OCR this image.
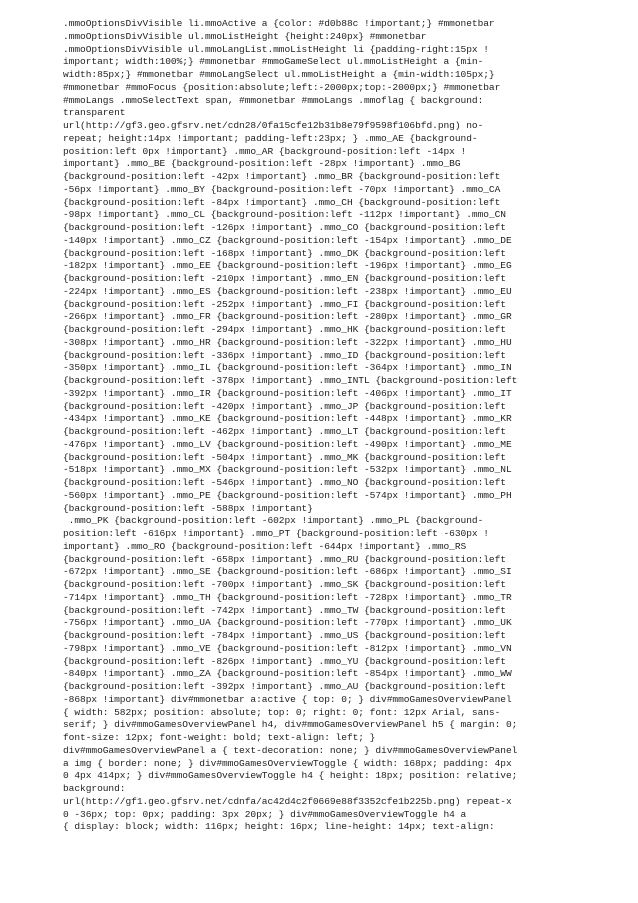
.mmoOptionsDivVisible li.mmoActive a {color: #d0b88c !important;} #mmonetbar
.mmoOptionsDivVisible ul.mmoListHeight {height:240px} #mmonetbar
.mmoOptionsDivVisible ul.mmoLangList.mmoListHeight li {padding-right:15px !
important; width:100%;} #mmonetbar #mmoGameSelect ul.mmoListHeight a {min-
width:85px;} #mmonetbar #mmoLangSelect ul.mmoListHeight a {min-width:105px;}
#mmonetbar #mmoFocus {position:absolute;left:-2000px;top:-2000px;} #mmonetbar
#mmoLangs .mmoSelectText span, #mmonetbar #mmoLangs .mmoflag { background:
transparent
url(http://gf3.geo.gfsrv.net/cdn28/0fa15cfe12b31b8e79f9598f106bfd.png) no-
repeat; height:14px !important; padding-left:23px; } .mmo_AE {background-
position:left 0px !important} .mmo_AR {background-position:left -14px !
important} .mmo_BE {background-position:left -28px !important} .mmo_BG
{background-position:left -42px !important} .mmo_BR {background-position:left
-56px !important} .mmo_BY {background-position:left -70px !important} .mmo_CA
{background-position:left -84px !important} .mmo_CH {background-position:left
-98px !important} .mmo_CL {background-position:left -112px !important} .mmo_CN
{background-position:left -126px !important} .mmo_CO {background-position:left
-140px !important} .mmo_CZ {background-position:left -154px !important} .mmo_DE
{background-position:left -168px !important} .mmo_DK {background-position:left
-182px !important} .mmo_EE {background-position:left -196px !important} .mmo_EG
{background-position:left -210px !important} .mmo_EN {background-position:left
-224px !important} .mmo_ES {background-position:left -238px !important} .mmo_EU
{background-position:left -252px !important} .mmo_FI {background-position:left
-266px !important} .mmo_FR {background-position:left -280px !important} .mmo_GR
{background-position:left -294px !important} .mmo_HK {background-position:left
-308px !important} .mmo_HR {background-position:left -322px !important} .mmo_HU
{background-position:left -336px !important} .mmo_ID {background-position:left
-350px !important} .mmo_IL {background-position:left -364px !important} .mmo_IN
{background-position:left -378px !important} .mmo_INTL {background-position:left
-392px !important} .mmo_IR {background-position:left -406px !important} .mmo_IT
{background-position:left -420px !important} .mmo_JP {background-position:left
-434px !important} .mmo_KE {background-position:left -448px !important} .mmo_KR
{background-position:left -462px !important} .mmo_LT {background-position:left
-476px !important} .mmo_LV {background-position:left -490px !important} .mmo_ME
{background-position:left -504px !important} .mmo_MK {background-position:left
-518px !important} .mmo_MX {background-position:left -532px !important} .mmo_NL
{background-position:left -546px !important} .mmo_NO {background-position:left
-560px !important} .mmo_PE {background-position:left -574px !important} .mmo_PH
{background-position:left -588px !important}
.mmo_PK {background-position:left -602px !important} .mmo_PL {background-
position:left -616px !important} .mmo_PT {background-position:left -630px !
important} .mmo_RO {background-position:left -644px !important} .mmo_RS
{background-position:left -658px !important} .mmo_RU {background-position:left
-672px !important} .mmo_SE {background-position:left -686px !important} .mmo_SI
{background-position:left -700px !important} .mmo_SK {background-position:left
-714px !important} .mmo_TH {background-position:left -728px !important} .mmo_TR
{background-position:left -742px !important} .mmo_TW {background-position:left
-756px !important} .mmo_UA {background-position:left -770px !important} .mmo_UK
{background-position:left -784px !important} .mmo_US {background-position:left
-798px !important} .mmo_VE {background-position:left -812px !important} .mmo_VN
{background-position:left -826px !important} .mmo_YU {background-position:left
-840px !important} .mmo_ZA {background-position:left -854px !important} .mmo_WW
{background-position:left -392px !important} .mmo_AU {background-position:left
-868px !important} div#mmonetbar a:active { top: 0; } div#mmoGamesOverviewPanel
{ width: 582px; position: absolute; top: 0; right: 0; font: 12px Arial, sans-
serif; } div#mmoGamesOverviewPanel h4, div#mmoGamesOverviewPanel h5 { margin: 0;
font-size: 12px; font-weight: bold; text-align: left; }
div#mmoGamesOverviewPanel a { text-decoration: none; } div#mmoGamesOverviewPanel
a img { border: none; } div#mmoGamesOverviewToggle { width: 168px; padding: 4px
0 4px 414px; } div#mmoGamesOverviewToggle h4 { height: 18px; position: relative;
background:
url(http://gf1.geo.gfsrv.net/cdnfa/ac42d4c2f0669e88f3352cfe1b225b.png) repeat-x
0 -36px; top: 0px; padding: 3px 20px; } div#mmoGamesOverviewToggle h4 a
{ display: block; width: 116px; height: 16px; line-height: 14px; text-align:
